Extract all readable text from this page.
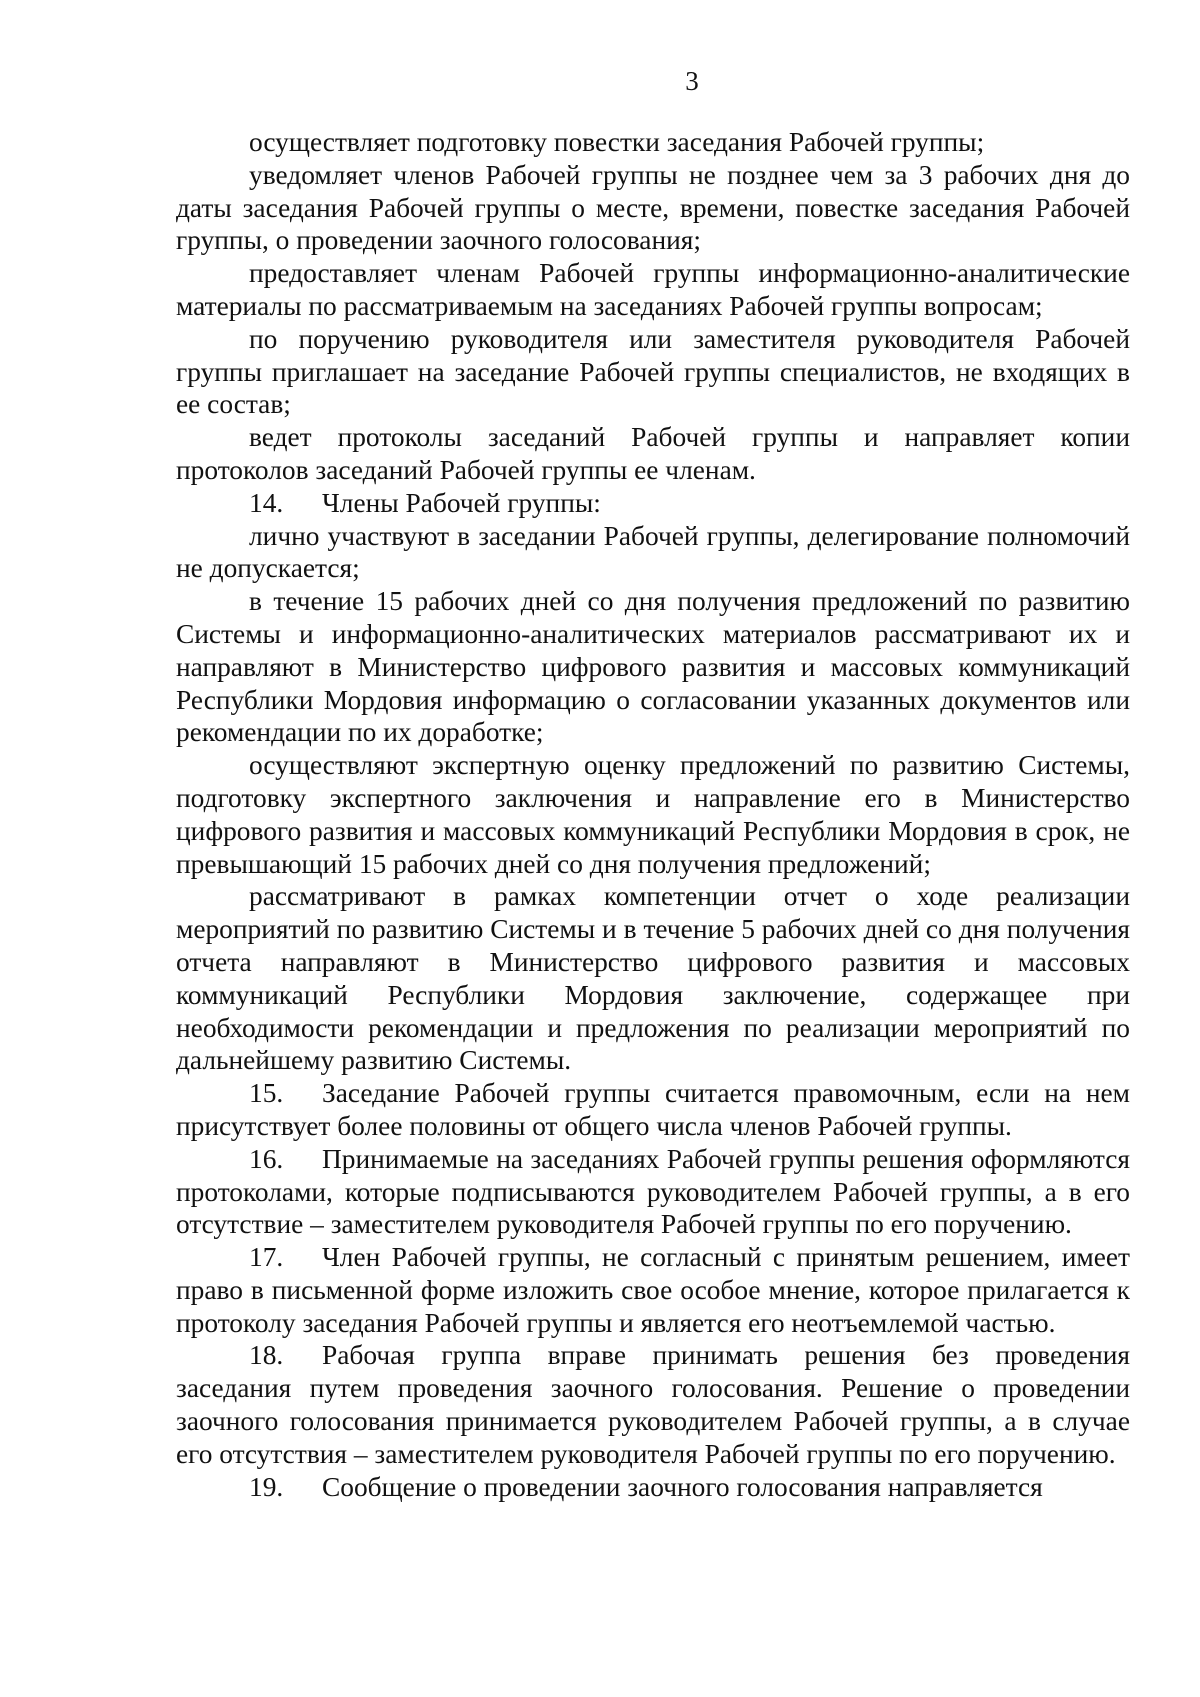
3

осуществляет подготовку повестки заседания Рабочей группы;

уведомляет членов Рабочей группы не позднее чем за 3 рабочих дня до даты заседания Рабочей группы о месте, времени, повестке заседания Рабочей группы, о проведении заочного голосования;

предоставляет членам Рабочей группы информационно-аналитические материалы по рассматриваемым на заседаниях Рабочей группы вопросам;

по поручению руководителя или заместителя руководителя Рабочей группы приглашает на заседание Рабочей группы специалистов, не входящих в ее состав;

ведет протоколы заседаний Рабочей группы и направляет копии протоколов заседаний Рабочей группы ее членам.

14. Члены Рабочей группы:

лично участвуют в заседании Рабочей группы, делегирование полномочий не допускается;

в течение 15 рабочих дней со дня получения предложений по развитию Системы и информационно-аналитических материалов рассматривают их и направляют в Министерство цифрового развития и массовых коммуникаций Республики Мордовия информацию о согласовании указанных документов или рекомендации по их доработке;

осуществляют экспертную оценку предложений по развитию Системы, подготовку экспертного заключения и направление его в Министерство цифрового развития и массовых коммуникаций Республики Мордовия в срок, не превышающий 15 рабочих дней со дня получения предложений;

рассматривают в рамках компетенции отчет о ходе реализации мероприятий по развитию Системы и в течение 5 рабочих дней со дня получения отчета направляют в Министерство цифрового развития и массовых коммуникаций Республики Мордовия заключение, содержащее при необходимости рекомендации и предложения по реализации мероприятий по дальнейшему развитию Системы.

15. Заседание Рабочей группы считается правомочным, если на нем присутствует более половины от общего числа членов Рабочей группы.

16. Принимаемые на заседаниях Рабочей группы решения оформляются протоколами, которые подписываются руководителем Рабочей группы, а в его отсутствие – заместителем руководителя Рабочей группы по его поручению.

17. Член Рабочей группы, не согласный с принятым решением, имеет право в письменной форме изложить свое особое мнение, которое прилагается к протоколу заседания Рабочей группы и является его неотъемлемой частью.

18. Рабочая группа вправе принимать решения без проведения заседания путем проведения заочного голосования. Решение о проведении заочного голосования принимается руководителем Рабочей группы, а в случае его отсутствия – заместителем руководителя Рабочей группы по его поручению.

19. Сообщение о проведении заочного голосования направляется
